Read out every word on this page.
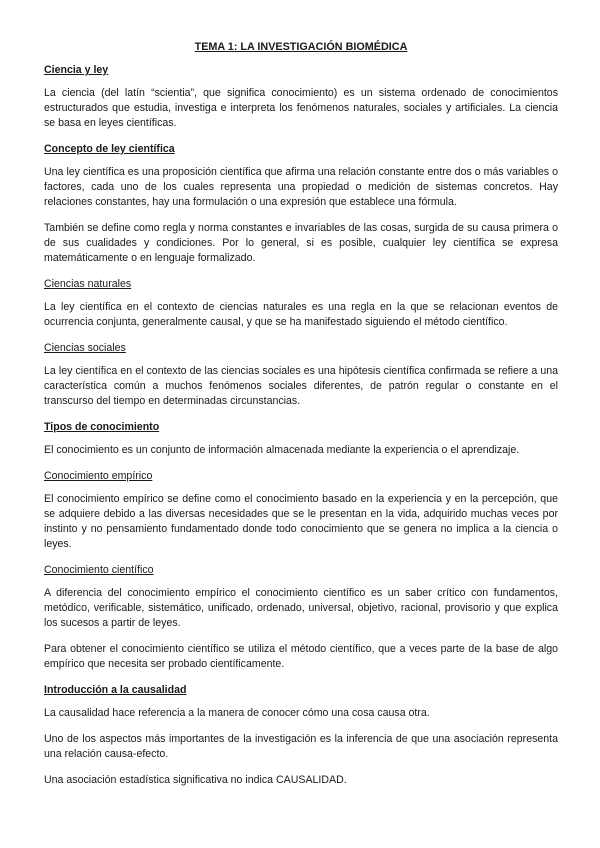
TEMA 1: LA INVESTIGACIÓN BIOMÉDICA
Ciencia y ley
La ciencia (del latín “scientia”, que significa conocimiento) es un sistema ordenado de conocimientos estructurados que estudia, investiga e interpreta los fenómenos naturales, sociales y artificiales. La ciencia se basa en leyes científicas.
Concepto de ley científica
Una ley científica es una proposición científica que afirma una relación constante entre dos o más variables o factores, cada uno de los cuales representa una propiedad o medición de sistemas concretos. Hay relaciones constantes, hay una formulación o una expresión que establece una fórmula.
También se define como regla y norma constantes e invariables de las cosas, surgida de su causa primera o de sus cualidades y condiciones. Por lo general, si es posible, cualquier ley científica se expresa matemáticamente o en lenguaje formalizado.
Ciencias naturales
La ley científica en el contexto de ciencias naturales es una regla en la que se relacionan eventos de ocurrencia conjunta, generalmente causal, y que se ha manifestado siguiendo el método científico.
Ciencias sociales
La ley científica en el contexto de las ciencias sociales es una hipótesis científica confirmada se refiere a una característica común a muchos fenómenos sociales diferentes, de patrón regular o constante en el transcurso del tiempo en determinadas circunstancias.
Tipos de conocimiento
El conocimiento es un conjunto de información almacenada mediante la experiencia o el aprendizaje.
Conocimiento empírico
El conocimiento empírico se define como el conocimiento basado en la experiencia y en la percepción, que se adquiere debido a las diversas necesidades que se le presentan en la vida, adquirido muchas veces por instinto y no pensamiento fundamentado donde todo conocimiento que se genera no implica a la ciencia o leyes.
Conocimiento científico
A diferencia del conocimiento empírico el conocimiento científico es un saber crítico con fundamentos, metódico, verificable, sistemático, unificado, ordenado, universal, objetivo, racional, provisorio y que explica los sucesos a partir de leyes.
Para obtener el conocimiento científico se utiliza el método científico, que a veces parte de la base de algo empírico que necesita ser probado científicamente.
Introducción a la causalidad
La causalidad hace referencia a la manera de conocer cómo una cosa causa otra.
Uno de los aspectos más importantes de la investigación es la inferencia de que una asociación representa una relación causa-efecto.
Una asociación estadística significativa no indica CAUSALIDAD.
